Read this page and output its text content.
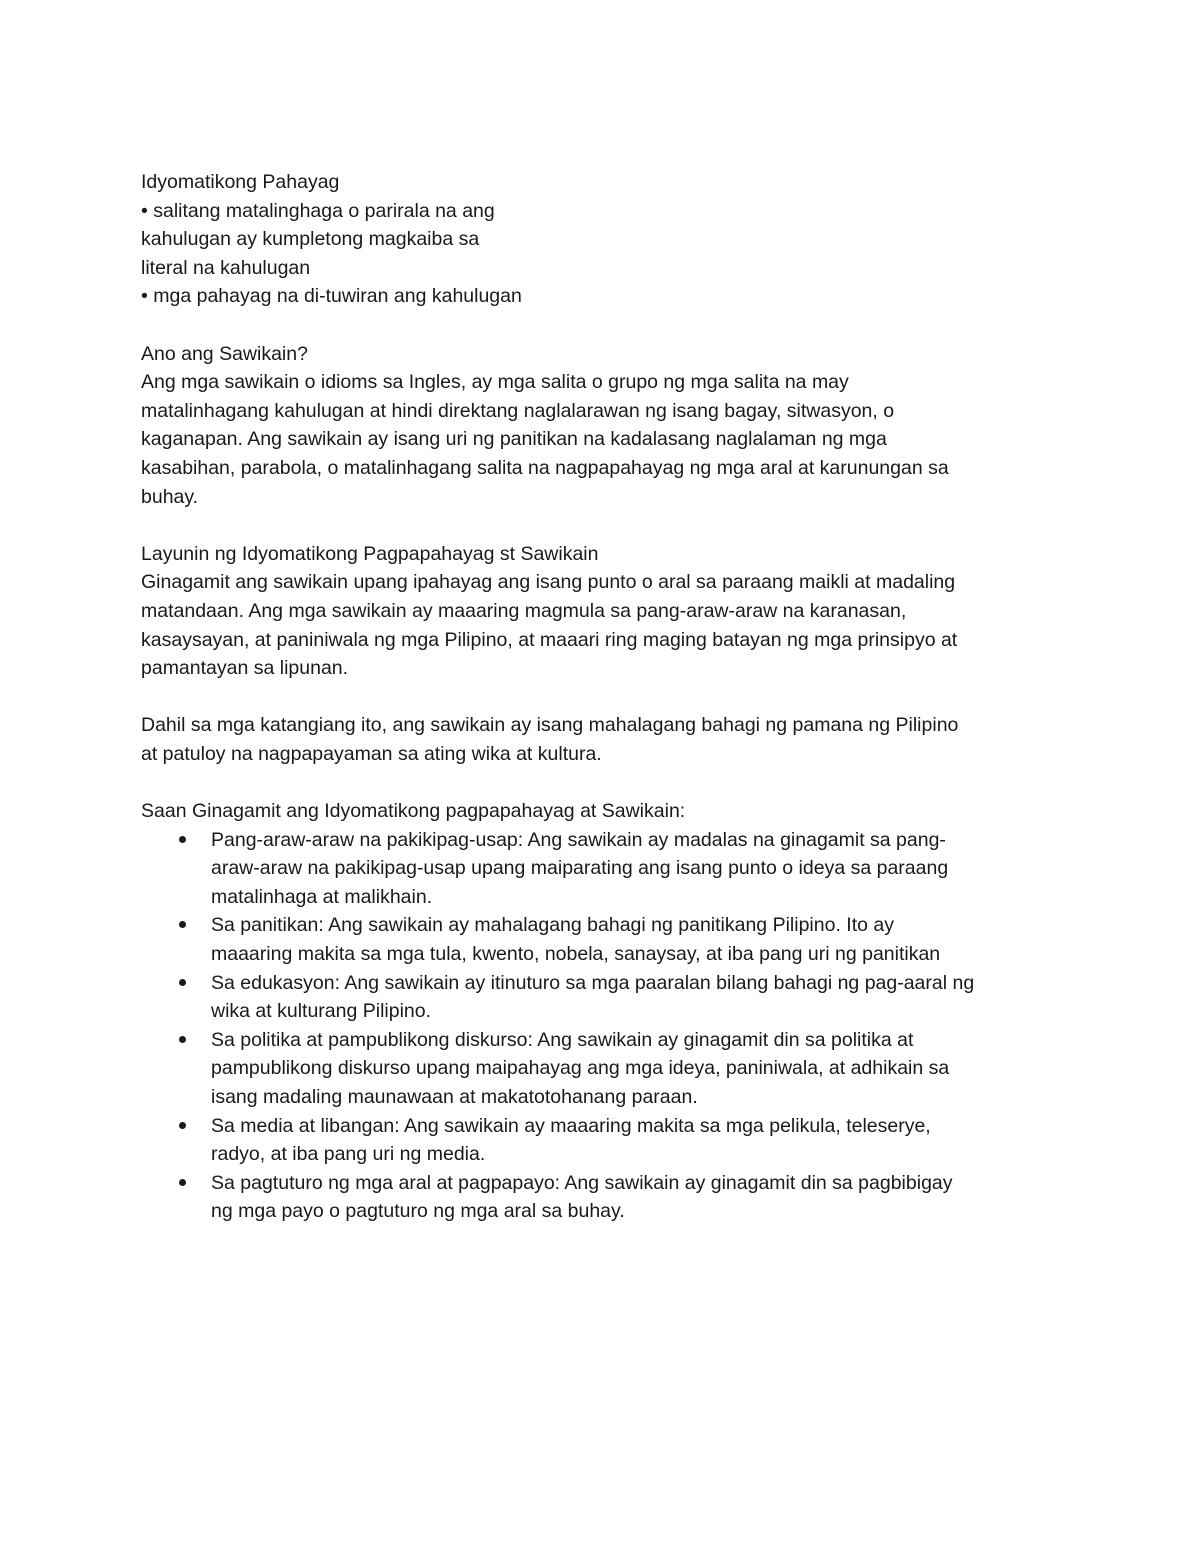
Idyomatikong Pahayag
• salitang matalinghaga o parirala na ang
kahulugan ay kumpletong magkaiba sa
literal na kahulugan
• mga pahayag na di-tuwiran ang kahulugan
Ano ang Sawikain?
Ang mga sawikain o idioms sa Ingles, ay mga salita o grupo ng mga salita na may
matalinhagang kahulugan at hindi direktang naglalarawan ng isang bagay, sitwasyon, o
kaganapan. Ang sawikain ay isang uri ng panitikan na kadalasang naglalaman ng mga
kasabihan, parabola, o matalinhagang salita na nagpapahayag ng mga aral at karunungan sa
buhay.
Layunin ng Idyomatikong Pagpapahayag st Sawikain
Ginagamit ang sawikain upang ipahayag ang isang punto o aral sa paraang maikli at madaling
matandaan. Ang mga sawikain ay maaaring magmula sa pang-araw-araw na karanasan,
kasaysayan, at paniniwala ng mga Pilipino, at maaari ring maging batayan ng mga prinsipyo at
pamantayan sa lipunan.
Dahil sa mga katangiang ito, ang sawikain ay isang mahalagang bahagi ng pamana ng Pilipino
at patuloy na nagpapayaman sa ating wika at kultura.
Saan Ginagamit ang Idyomatikong pagpapahayag at Sawikain:
Pang-araw-araw na pakikipag-usap: Ang sawikain ay madalas na ginagamit sa pang-
araw-araw na pakikipag-usap upang maiparating ang isang punto o ideya sa paraang
matalinhaga at malikhain.
Sa panitikan: Ang sawikain ay mahalagang bahagi ng panitikang Pilipino. Ito ay
maaaring makita sa mga tula, kwento, nobela, sanaysay, at iba pang uri ng panitikan
Sa edukasyon: Ang sawikain ay itinuturo sa mga paaralan bilang bahagi ng pag-aaral ng
wika at kulturang Pilipino.
Sa politika at pampublikong diskurso: Ang sawikain ay ginagamit din sa politika at
pampublikong diskurso upang maipahayag ang mga ideya, paniniwala, at adhikain sa
isang madaling maunawaan at makatotohanang paraan.
Sa media at libangan: Ang sawikain ay maaaring makita sa mga pelikula, teleserye,
radyo, at iba pang uri ng media.
Sa pagtuturo ng mga aral at pagpapayo: Ang sawikain ay ginagamit din sa pagbibigay
ng mga payo o pagtuturo ng mga aral sa buhay.
